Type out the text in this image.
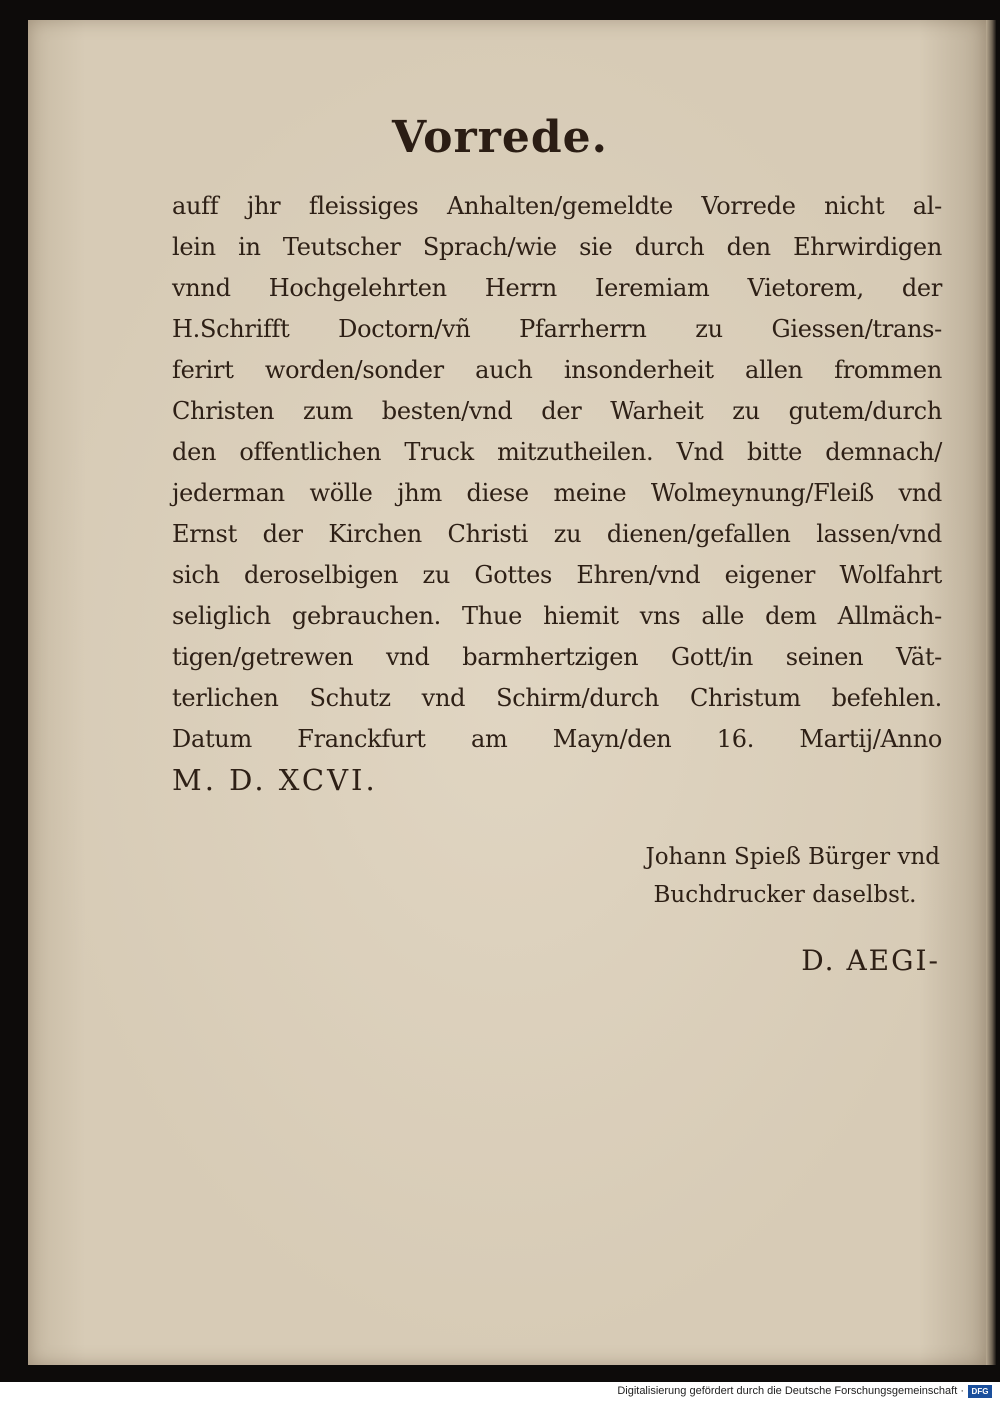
Vorrede.
auff jhr fleissiges Anhalten/gemeldte Vorrede nicht al-
lein in Teutscher Sprach/wie sie durch den Ehrwirdigen
vnnd Hochgelehrten Herrn Ieremiam Vietorem, der
H.Schrifft Doctorn/vñ Pfarrherrn zu Giessen/trans-
ferirt worden/sonder auch insonderheit allen frommen
Christen zum besten/vnd der Warheit zu gutem/durch
den offentlichen Truck mitzutheilen. Vnd bitte demnach/
jederman wölle jhm diese meine Wolmeynung/Fleiß vnd
Ernst der Kirchen Christi zu dienen/gefallen lassen/vnd
sich deroselbigen zu Gottes Ehren/vnd eigener Wolfahrt
seliglich gebrauchen. Thue hiemit vns alle dem Allmäch-
tigen/getrewen vnd barmhertzigen Gott/in seinen Vät-
terlichen Schutz vnd Schirm/durch Christum befehlen.
Datum Franckfurt am Mayn/den 16. Martij/Anno
M. D. XCVI.
Johann Spieß Bürger vnd
Buchdrucker daselbst.
D. AEGI-
Digitalisierung gefördert durch die Deutsche Forschungsgemeinschaft · DFG
